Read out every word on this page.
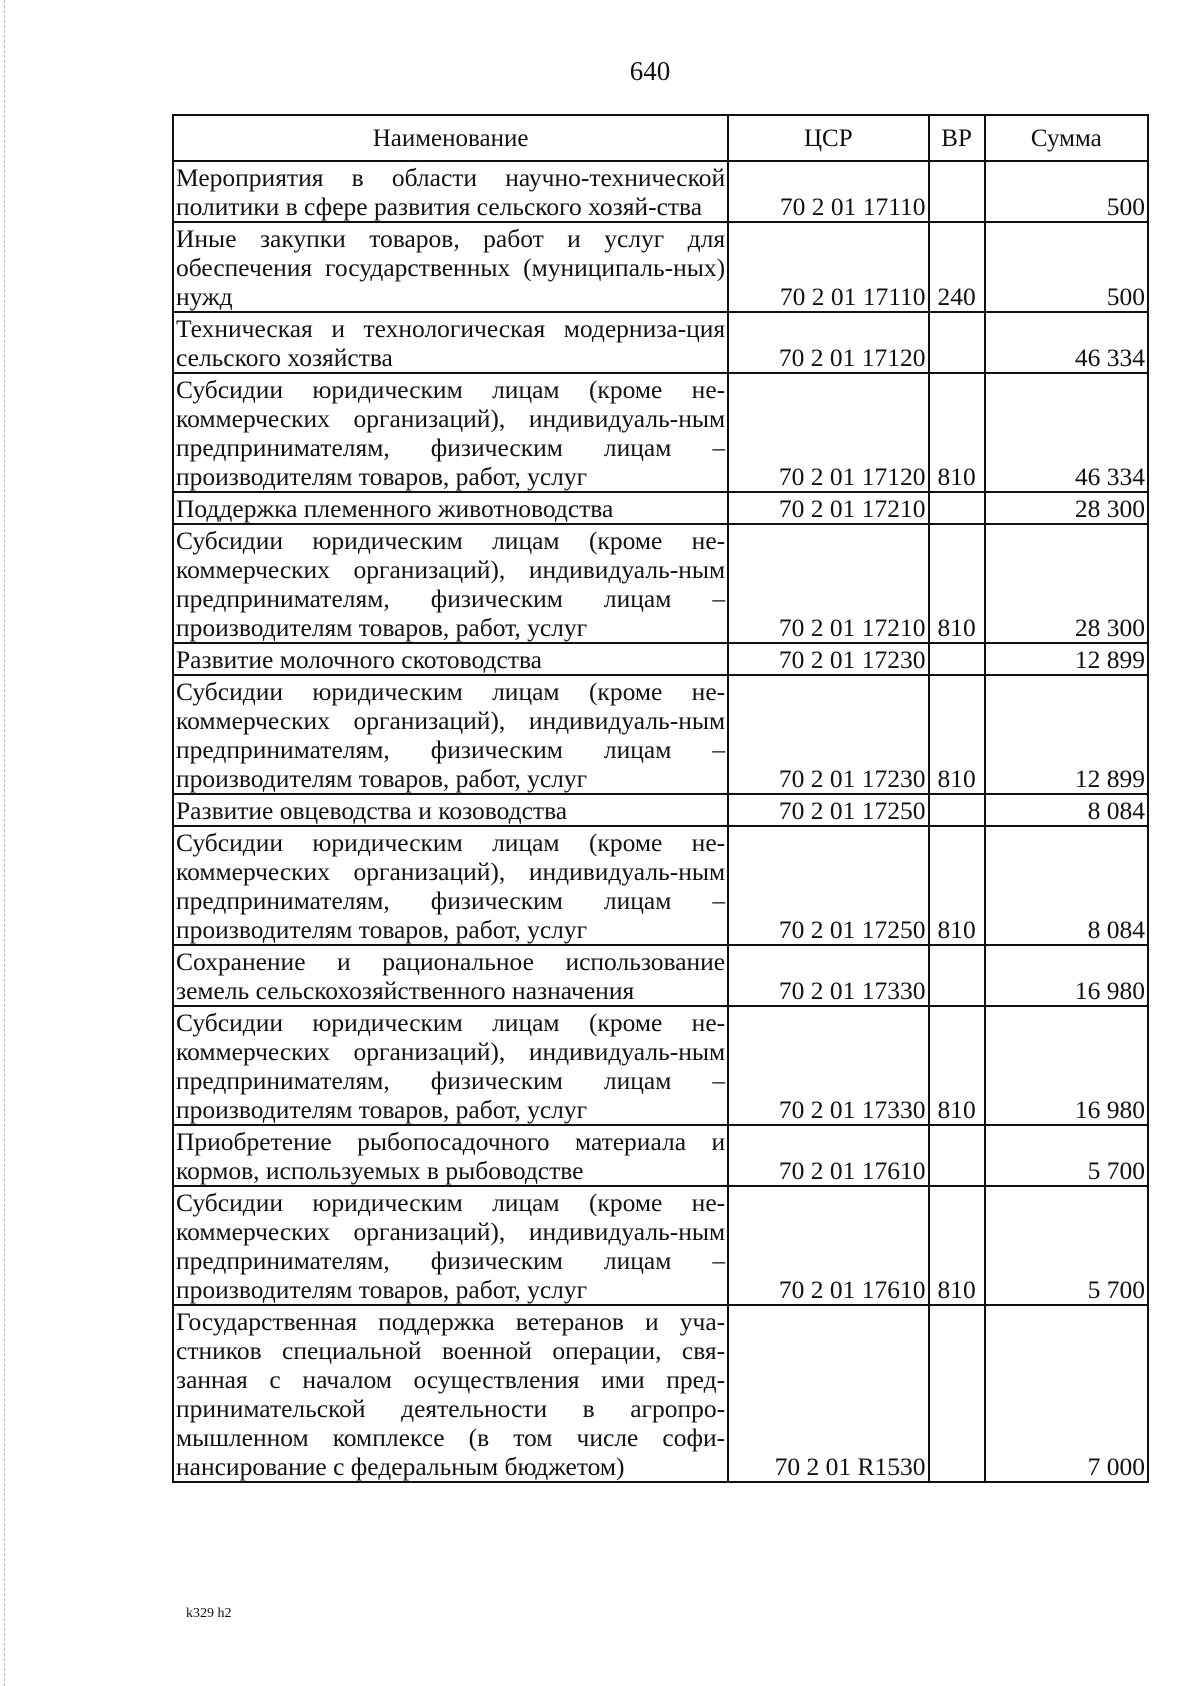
640
Наименование	ЦСР	ВР	Сумма
Мероприятия в области научно-технической политики в сфере развития сельского хозяй-ства	70 2 01 17110		500
Иные закупки товаров, работ и услуг для обеспечения государственных (муниципаль-ных) нужд	70 2 01 17110	240	500
Техническая и технологическая модерниза-ция сельского хозяйства	70 2 01 17120		46 334
Субсидии юридическим лицам (кроме не-коммерческих организаций), индивидуаль-ным предпринимателям, физическим лицам – производителям товаров, работ, услуг	70 2 01 17120	810	46 334
Поддержка племенного животноводства	70 2 01 17210		28 300
Субсидии юридическим лицам (кроме не-коммерческих организаций), индивидуаль-ным предпринимателям, физическим лицам – производителям товаров, работ, услуг	70 2 01 17210	810	28 300
Развитие молочного скотоводства	70 2 01 17230		12 899
Субсидии юридическим лицам (кроме не-коммерческих организаций), индивидуаль-ным предпринимателям, физическим лицам – производителям товаров, работ, услуг	70 2 01 17230	810	12 899
Развитие овцеводства и козоводства	70 2 01 17250		8 084
Субсидии юридическим лицам (кроме не-коммерческих организаций), индивидуаль-ным предпринимателям, физическим лицам – производителям товаров, работ, услуг	70 2 01 17250	810	8 084
Сохранение и рациональное использование земель сельскохозяйственного назначения	70 2 01 17330		16 980
Субсидии юридическим лицам (кроме не-коммерческих организаций), индивидуаль-ным предпринимателям, физическим лицам – производителям товаров, работ, услуг	70 2 01 17330	810	16 980
Приобретение рыбопосадочного материала и кормов, используемых в рыбоводстве	70 2 01 17610		5 700
Субсидии юридическим лицам (кроме не-коммерческих организаций), индивидуаль-ным предпринимателям, физическим лицам – производителям товаров, работ, услуг	70 2 01 17610	810	5 700
Государственная поддержка ветеранов и уча-стников специальной военной операции, свя-занная с началом осуществления ими пред-принимательской деятельности в агропро-мышленном комплексе (в том числе софи-нансирование с федеральным бюджетом)	70 2 01 R1530		7 000
k329 h2
